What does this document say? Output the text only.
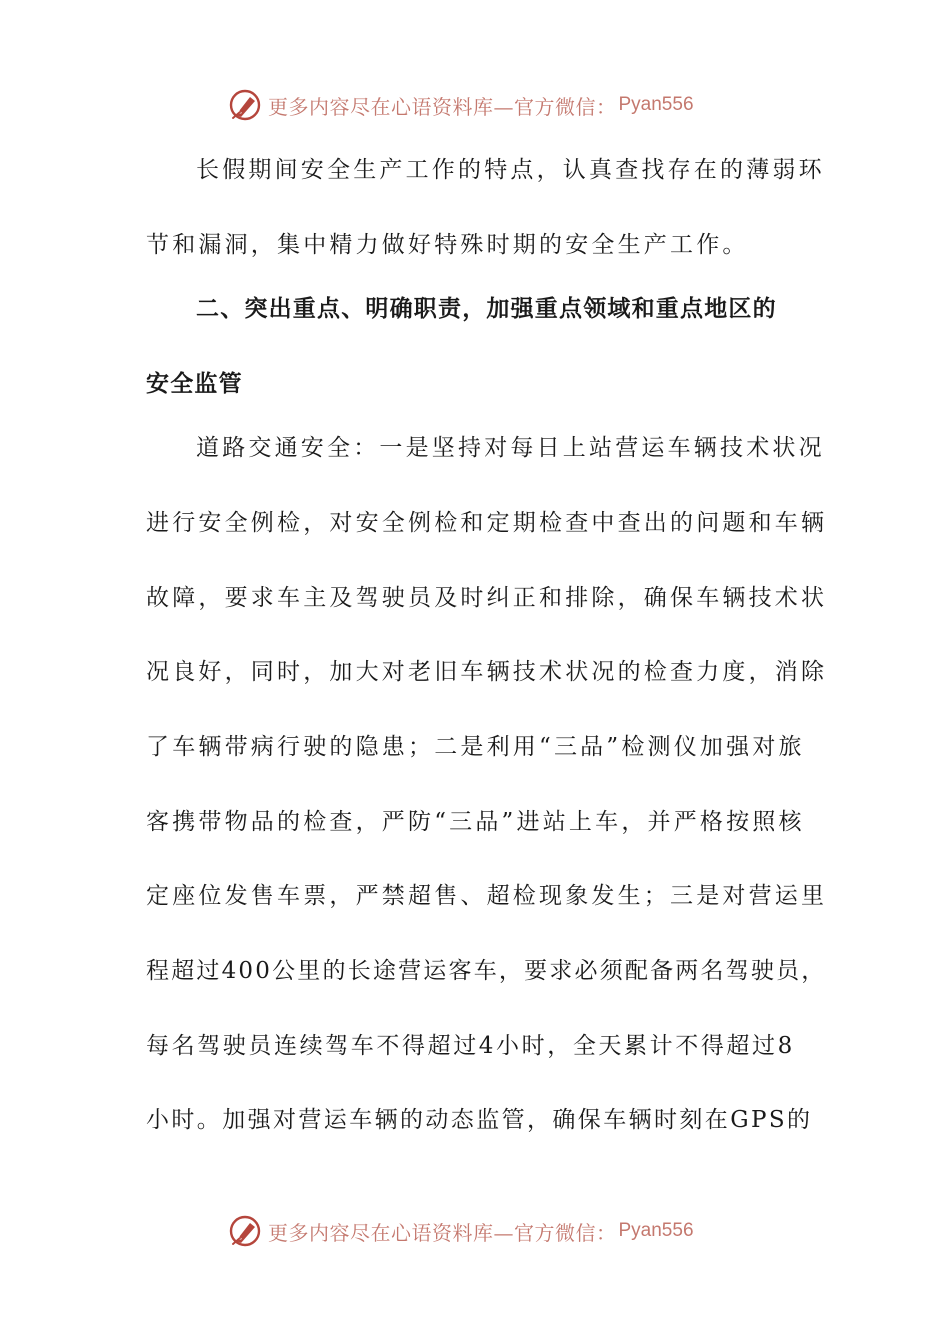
更多内容尽在心语资料库—官方微信： Pyan556
长假期间安全生产工作的特点，认真查找存在的薄弱环
节和漏洞，集中精力做好特殊时期的安全生产工作。
二、突出重点、明确职责，加强重点领域和重点地区的
安全监管
道路交通安全：一是坚持对每日上站营运车辆技术状况
进行安全例检，对安全例检和定期检查中查出的问题和车辆
故障，要求车主及驾驶员及时纠正和排除，确保车辆技术状
况良好，同时，加大对老旧车辆技术状况的检查力度，消除
了车辆带病行驶的隐患；二是利用“三品”检测仪加强对旅
客携带物品的检查，严防“三品”进站上车，并严格按照核
定座位发售车票，严禁超售、超检现象发生；三是对营运里
程超过400公里的长途营运客车，要求必须配备两名驾驶员，
每名驾驶员连续驾车不得超过4小时，全天累计不得超过8
小时。加强对营运车辆的动态监管，确保车辆时刻在GPS的
更多内容尽在心语资料库—官方微信： Pyan556
